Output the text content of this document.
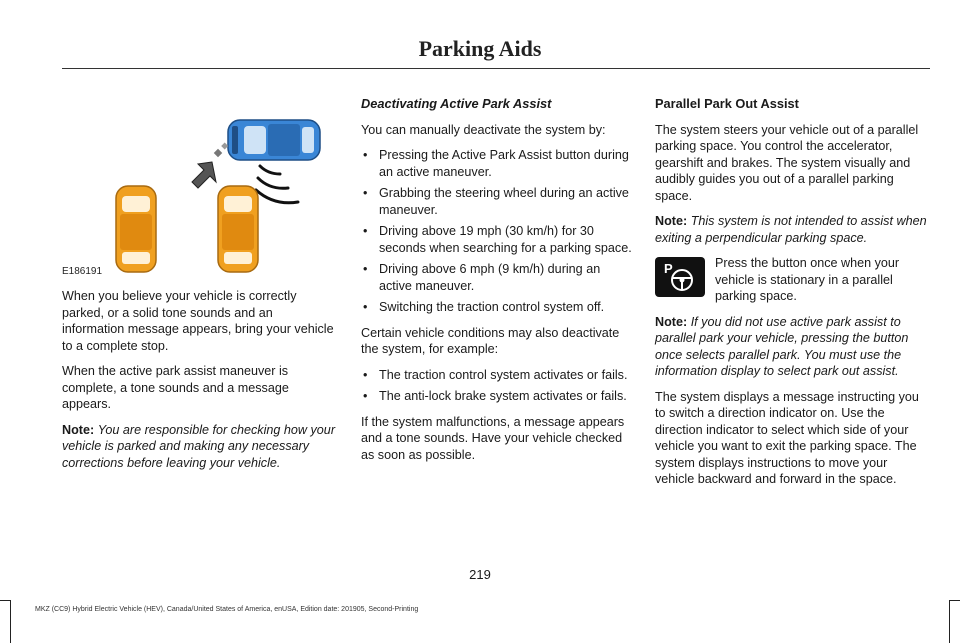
Parking Aids
E186191

When you believe your vehicle is correctly parked, or a solid tone sounds and an information message appears, bring your vehicle to a complete stop.

When the active park assist maneuver is complete, a tone sounds and a message appears.

Note: You are responsible for checking how your vehicle is parked and making any necessary corrections before leaving your vehicle.

Deactivating Active Park Assist

You can manually deactivate the system by:

• Pressing the Active Park Assist button during an active maneuver.
• Grabbing the steering wheel during an active maneuver.
• Driving above 19 mph (30 km/h) for 30 seconds when searching for a parking space.
• Driving above 6 mph (9 km/h) during an active maneuver.
• Switching the traction control system off.

Certain vehicle conditions may also deactivate the system, for example:

• The traction control system activates or fails.
• The anti-lock brake system activates or fails.

If the system malfunctions, a message appears and a tone sounds. Have your vehicle checked as soon as possible.

Parallel Park Out Assist

The system steers your vehicle out of a parallel parking space. You control the accelerator, gearshift and brakes. The system visually and audibly guides you out of a parallel parking space.

Note: This system is not intended to assist when exiting a perpendicular parking space.

P	Press the button once when your vehicle is stationary in a parallel parking space.

Note: If you did not use active park assist to parallel park your vehicle, pressing the button once selects parallel park. You must use the information display to select park out assist.

The system displays a message instructing you to switch a direction indicator on. Use the direction indicator to select which side of your vehicle you want to exit the parking space. The system displays instructions to move your vehicle backward and forward in the space.

219
MKZ (CC9) Hybrid Electric Vehicle (HEV), Canada/United States of America, enUSA, Edition date: 201905, Second-Printing
